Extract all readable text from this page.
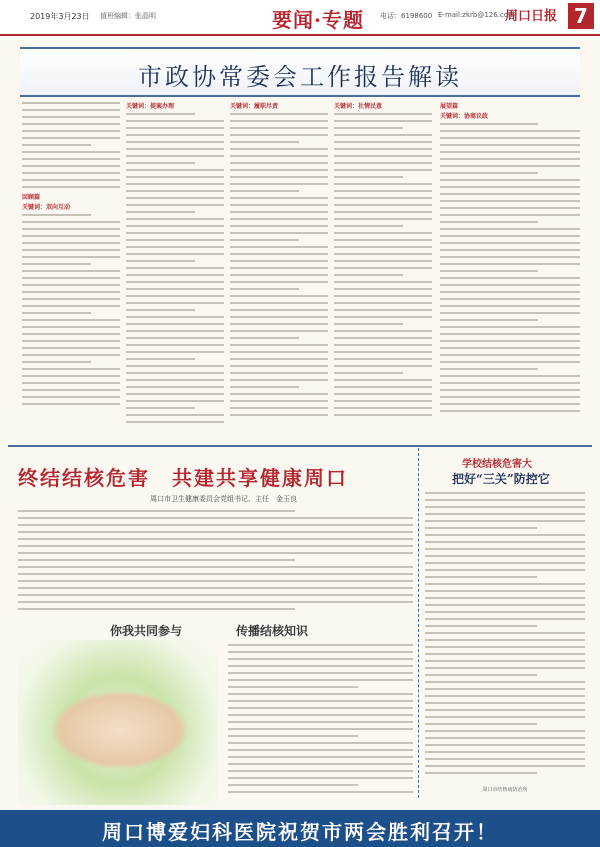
2019年3月23日 值班编辑：张晶明	要闻·专题 电话：6198600 E-mail:zkrb@126.com
周口日报 7
市政协常委会工作报告解读
回顾篇
关键词：双向互动
关键词：提案办理	关键词：履职尽责	关键词：社情民意	展望篇
关键词：协商议政
终结结核危害　共建共享健康周口
周口市卫生健康委员会党组书记、主任　金玉良
你我共同参与	传播结核知识
学校结核危害大
把好“三关”防控它
周口市结核病防治所
周口博爱妇科医院祝贺市两会胜利召开！
